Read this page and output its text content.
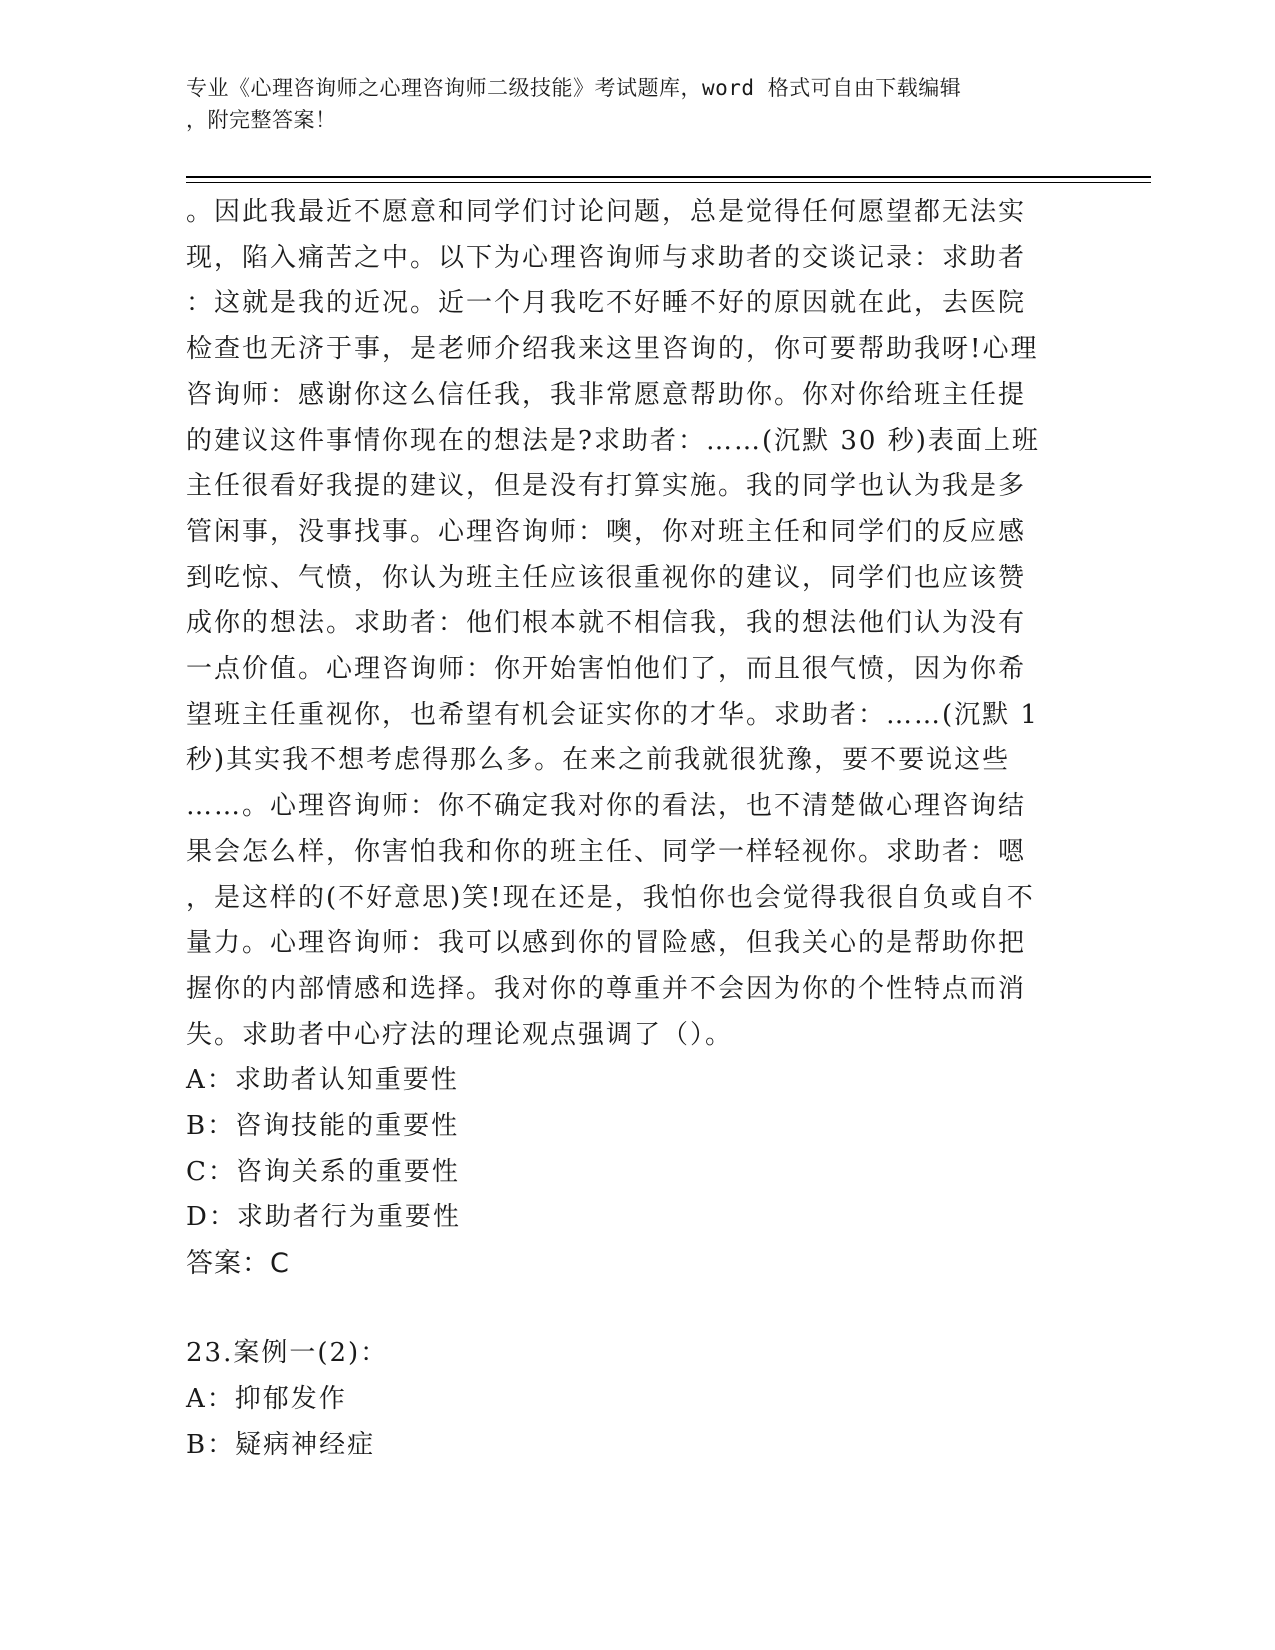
专业《心理咨询师之心理咨询师二级技能》考试题库，word 格式可自由下载编辑
，附完整答案！
。因此我最近不愿意和同学们讨论问题，总是觉得任何愿望都无法实
现，陷入痛苦之中。以下为心理咨询师与求助者的交谈记录：求助者
：这就是我的近况。近一个月我吃不好睡不好的原因就在此，去医院
检查也无济于事，是老师介绍我来这里咨询的，你可要帮助我呀!心理
咨询师：感谢你这么信任我，我非常愿意帮助你。你对你给班主任提
的建议这件事情你现在的想法是?求助者：……(沉默 30 秒)表面上班
主任很看好我提的建议，但是没有打算实施。我的同学也认为我是多
管闲事，没事找事。心理咨询师：噢，你对班主任和同学们的反应感
到吃惊、气愤，你认为班主任应该很重视你的建议，同学们也应该赞
成你的想法。求助者：他们根本就不相信我，我的想法他们认为没有
一点价值。心理咨询师：你开始害怕他们了，而且很气愤，因为你希
望班主任重视你，也希望有机会证实你的才华。求助者：……(沉默 1
秒)其实我不想考虑得那么多。在来之前我就很犹豫，要不要说这些
……。心理咨询师：你不确定我对你的看法，也不清楚做心理咨询结
果会怎么样，你害怕我和你的班主任、同学一样轻视你。求助者：嗯
，是这样的(不好意思)笑!现在还是，我怕你也会觉得我很自负或自不
量力。心理咨询师：我可以感到你的冒险感，但我关心的是帮助你把
握你的内部情感和选择。我对你的尊重并不会因为你的个性特点而消
失。求助者中心疗法的理论观点强调了（）。

A：求助者认知重要性

B：咨询技能的重要性

C：咨询关系的重要性

D：求助者行为重要性

答案：C

23.案例一(2)：

A：抑郁发作

B：疑病神经症
